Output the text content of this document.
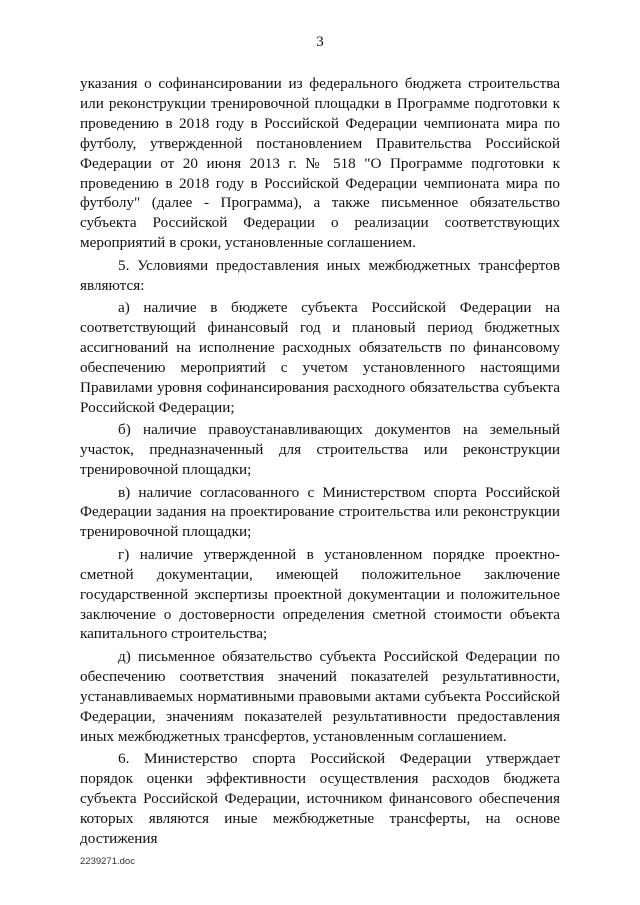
3

указания о софинансировании из федерального бюджета строительства или реконструкции тренировочной площадки в Программе подготовки к проведению в 2018 году в Российской Федерации чемпионата мира по футболу, утвержденной постановлением Правительства Российской Федерации от 20 июня 2013 г. № 518 "О Программе подготовки к проведению в 2018 году в Российской Федерации чемпионата мира по футболу" (далее - Программа), а также письменное обязательство субъекта Российской Федерации о реализации соответствующих мероприятий в сроки, установленные соглашением.

5. Условиями предоставления иных межбюджетных трансфертов являются:

а) наличие в бюджете субъекта Российской Федерации на соответствующий финансовый год и плановый период бюджетных ассигнований на исполнение расходных обязательств по финансовому обеспечению мероприятий с учетом установленного настоящими Правилами уровня софинансирования расходного обязательства субъекта Российской Федерации;

б) наличие правоустанавливающих документов на земельный участок, предназначенный для строительства или реконструкции тренировочной площадки;

в) наличие согласованного с Министерством спорта Российской Федерации задания на проектирование строительства или реконструкции тренировочной площадки;

г) наличие утвержденной в установленном порядке проектно-сметной документации, имеющей положительное заключение государственной экспертизы проектной документации и положительное заключение о достоверности определения сметной стоимости объекта капитального строительства;

д) письменное обязательство субъекта Российской Федерации по обеспечению соответствия значений показателей результативности, устанавливаемых нормативными правовыми актами субъекта Российской Федерации, значениям показателей результативности предоставления иных межбюджетных трансфертов, установленным соглашением.

6. Министерство спорта Российской Федерации утверждает порядок оценки эффективности осуществления расходов бюджета субъекта Российской Федерации, источником финансового обеспечения которых являются иные межбюджетные трансферты, на основе достижения

2239271.doc
